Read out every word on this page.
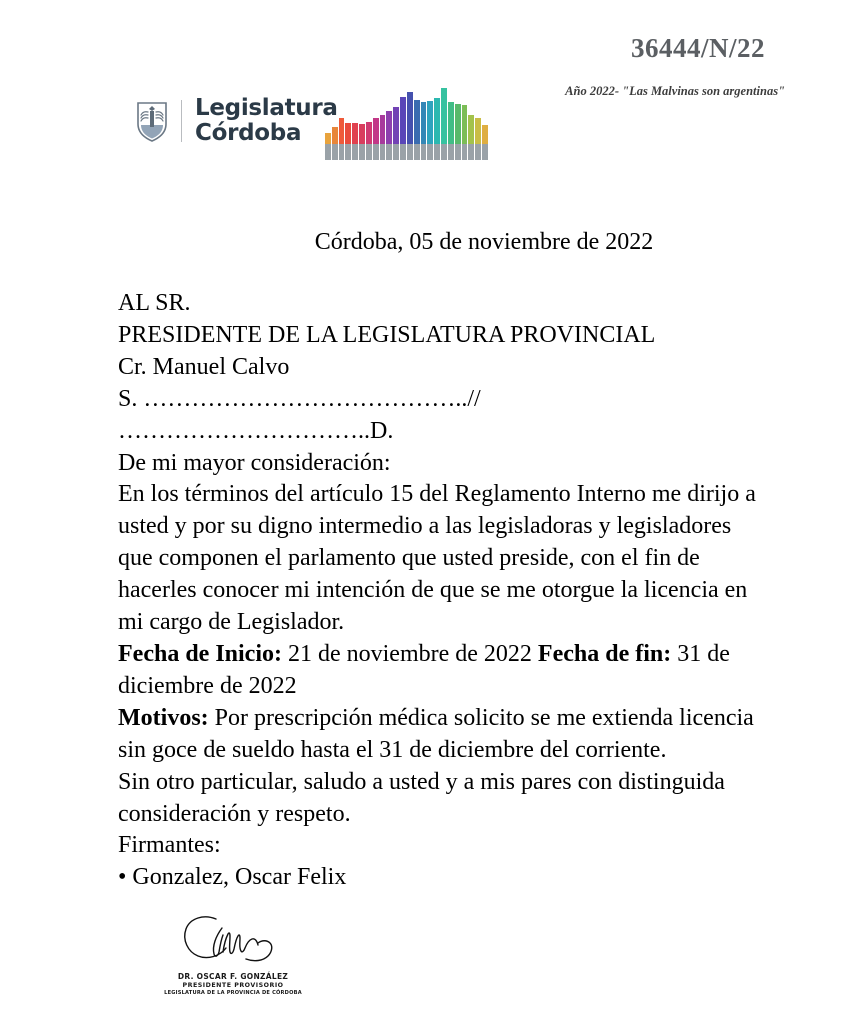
36444/N/22
Año 2022- "Las Malvinas son argentinas"
Legislatura
Córdoba
Córdoba, 05 de noviembre de 2022
AL SR.
PRESIDENTE DE LA LEGISLATURA PROVINCIAL
Cr. Manuel Calvo
S. …………………………………..//
…………………………..D.
De mi mayor consideración:

En los términos del artículo 15 del Reglamento Interno me dirijo a usted y por su digno intermedio a las legisladoras y legisladores que componen el parlamento que usted preside, con el fin de hacerles conocer mi intención de que se me otorgue la licencia en mi cargo de Legislador.

Fecha de Inicio: 21 de noviembre de 2022 Fecha de fin: 31 de diciembre de 2022

Motivos: Por prescripción médica solicito se me extienda licencia sin goce de sueldo hasta el 31 de diciembre del corriente.

Sin otro particular, saludo a usted y a mis pares con distinguida consideración y respeto.

Firmantes:
• Gonzalez, Oscar Felix
DR. OSCAR F. GONZÁLEZ
PRESIDENTE PROVISORIO
LEGISLATURA DE LA PROVINCIA DE CÓRDOBA
